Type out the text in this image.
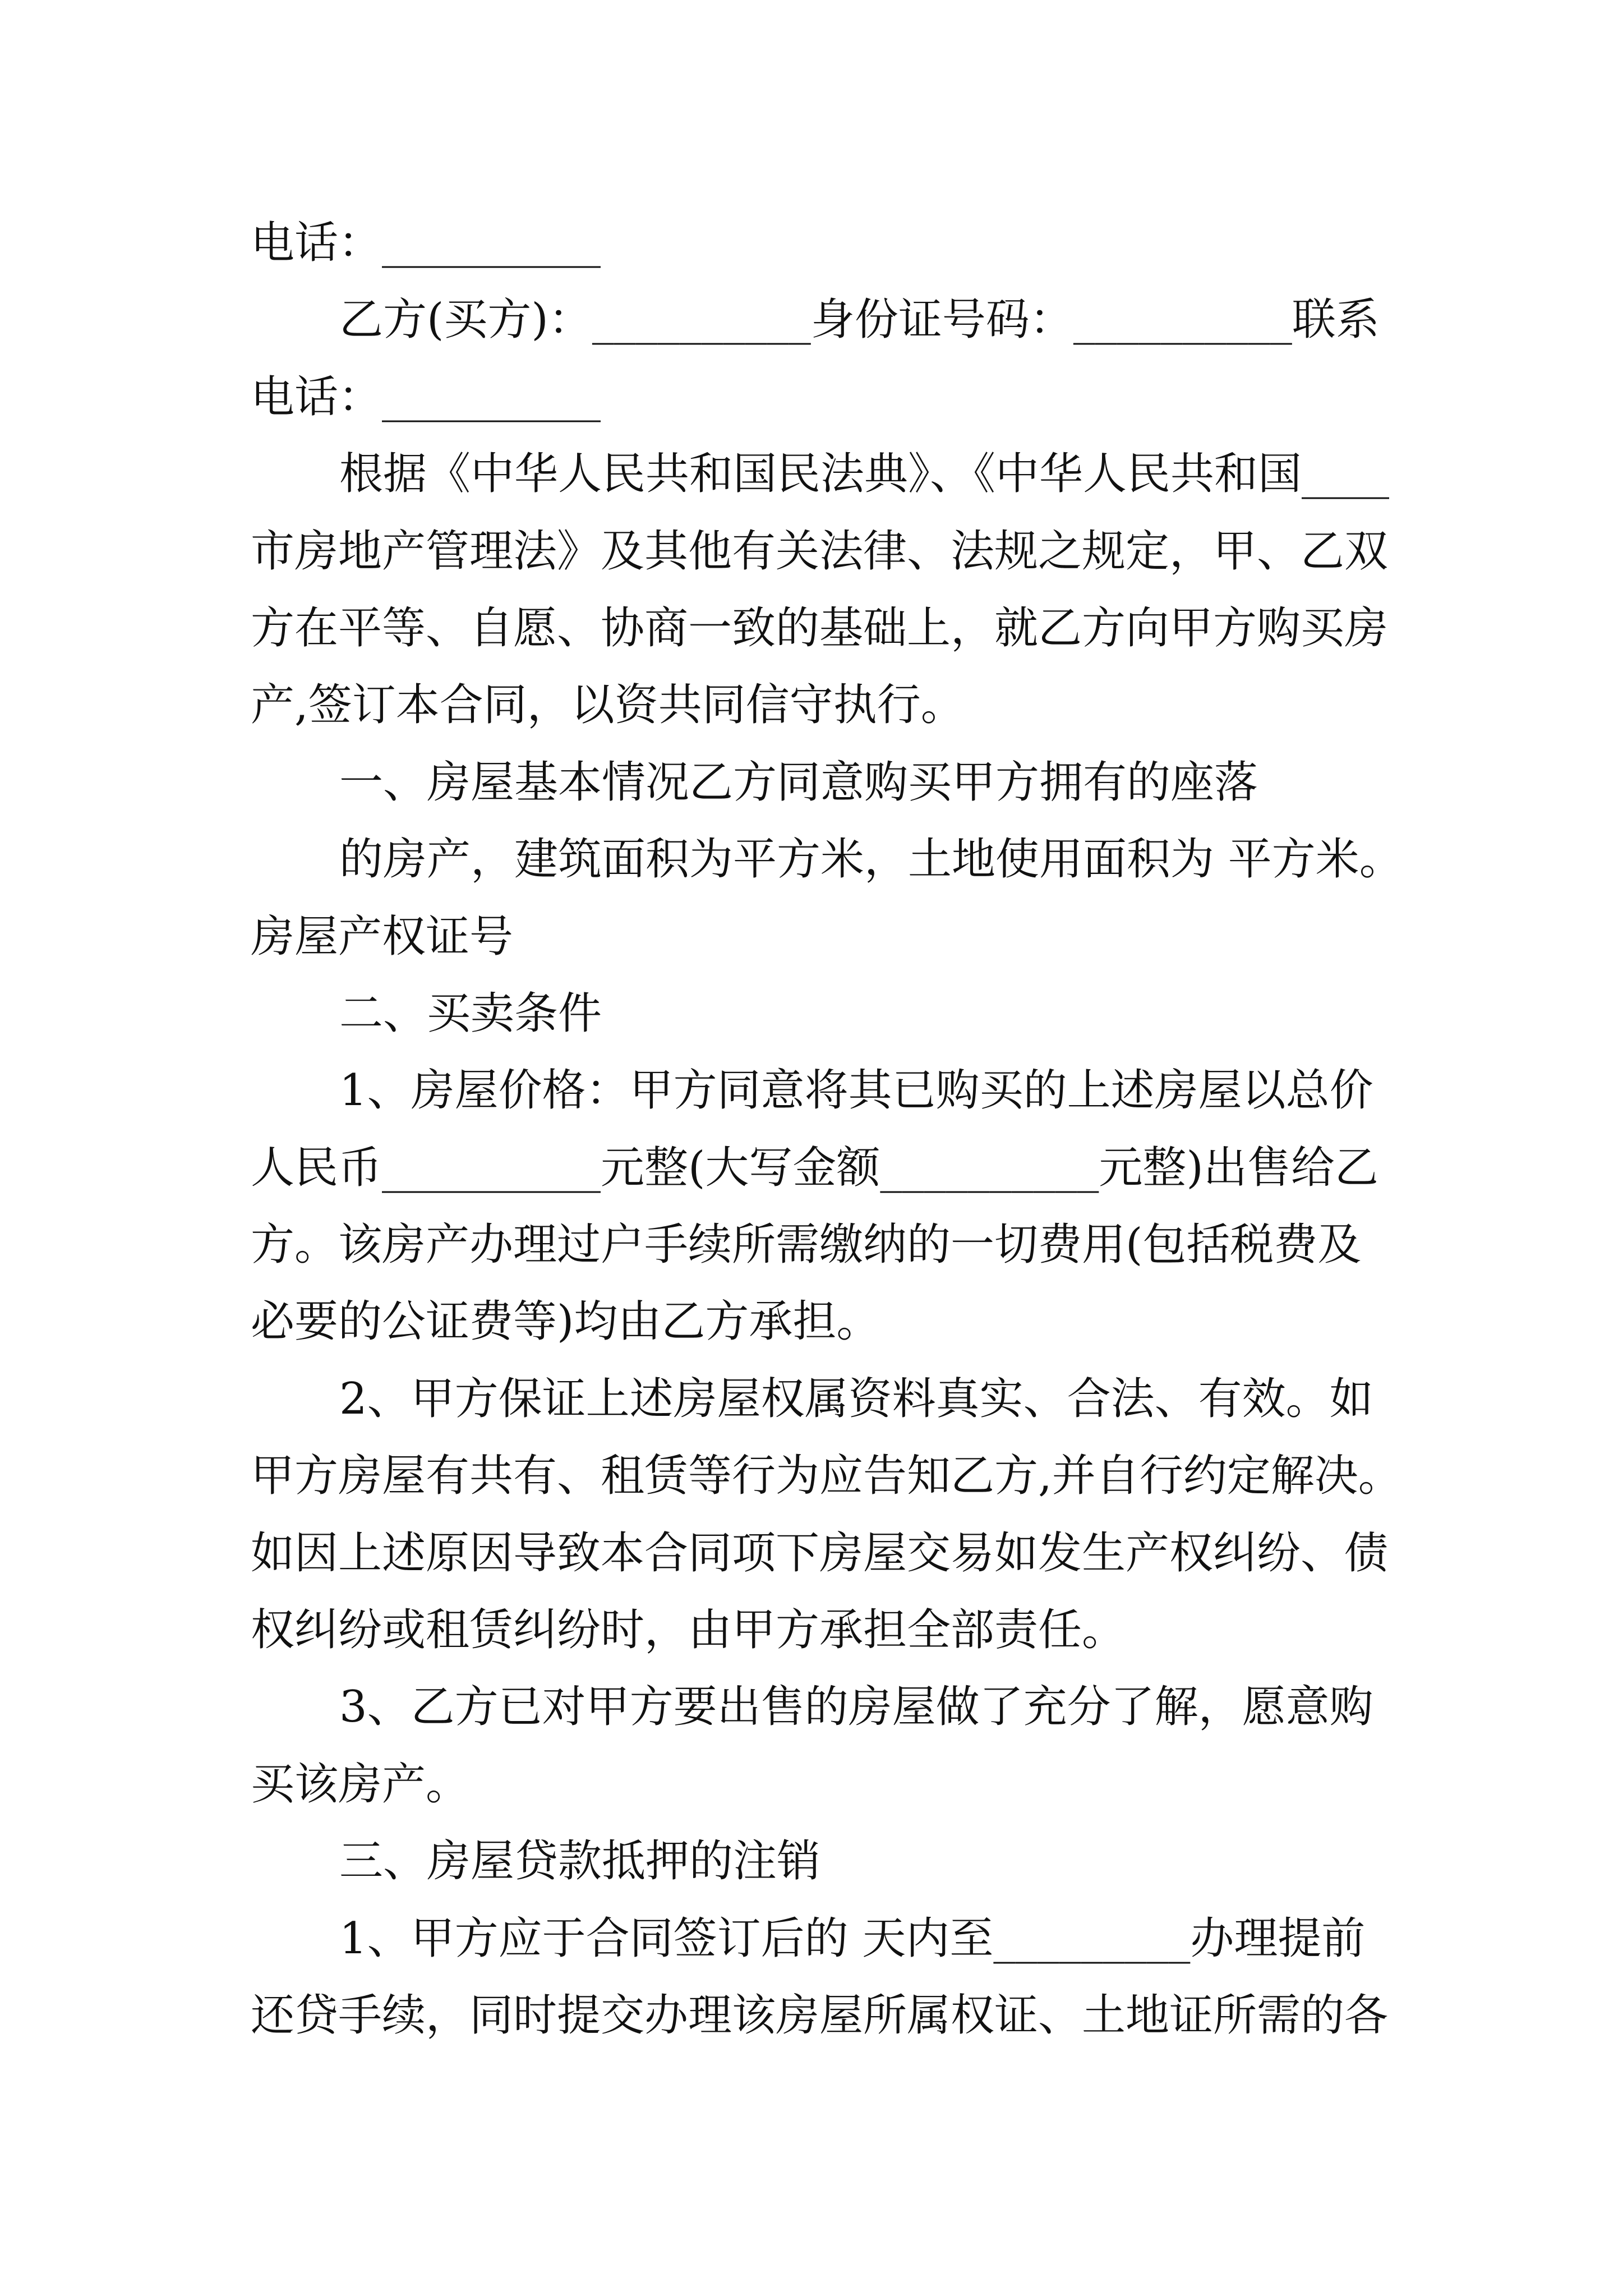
电话：__________
乙方(买方)：__________身份证号码：__________联系
电话：__________
根据《中华人民共和国民法典》、《中华人民共和国____
市房地产管理法》及其他有关法律、法规之规定，甲、乙双
方在平等、自愿、协商一致的基础上，就乙方向甲方购买房
产,签订本合同，以资共同信守执行。
一、房屋基本情况乙方同意购买甲方拥有的座落
的房产，建筑面积为平方米，土地使用面积为 平方米。
房屋产权证号
二、买卖条件
1、房屋价格：甲方同意将其已购买的上述房屋以总价
人民币__________元整(大写金额__________元整)出售给乙
方。该房产办理过户手续所需缴纳的一切费用(包括税费及
必要的公证费等)均由乙方承担。
2、甲方保证上述房屋权属资料真实、合法、有效。如
甲方房屋有共有、租赁等行为应告知乙方,并自行约定解决。
如因上述原因导致本合同项下房屋交易如发生产权纠纷、债
权纠纷或租赁纠纷时，由甲方承担全部责任。
3、乙方已对甲方要出售的房屋做了充分了解，愿意购
买该房产。
三、房屋贷款抵押的注销
1、甲方应于合同签订后的 天内至_________办理提前
还贷手续，同时提交办理该房屋所属权证、土地证所需的各
